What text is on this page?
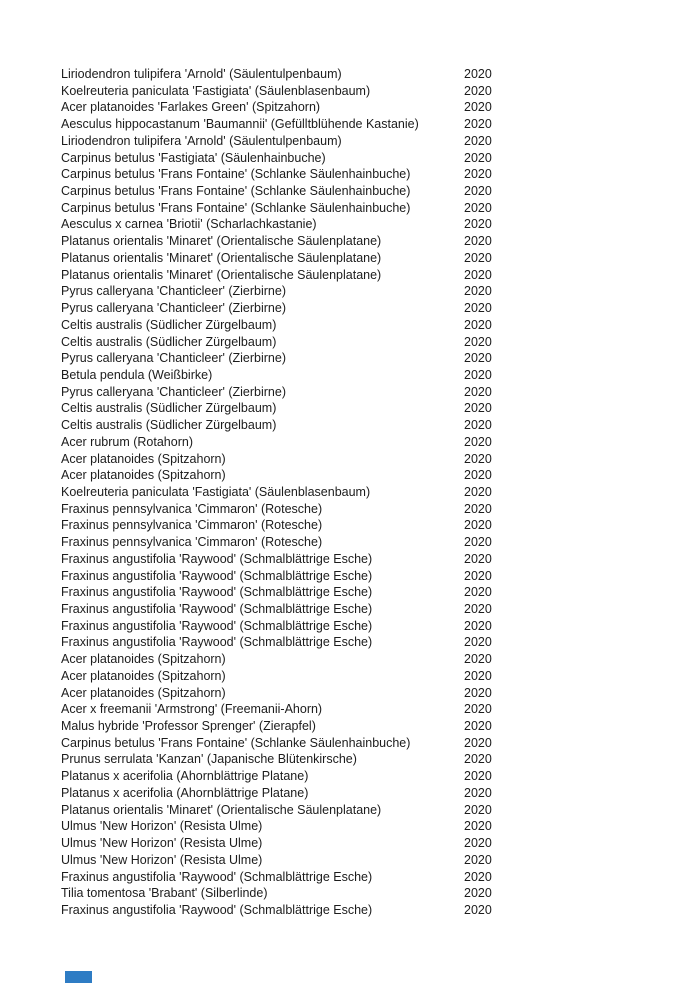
Liriodendron tulipifera 'Arnold' (Säulentulpenbaum)	2020
Koelreuteria paniculata 'Fastigiata' (Säulenblasenbaum)	2020
Acer platanoides 'Farlakes Green' (Spitzahorn)	2020
Aesculus hippocastanum 'Baumannii' (Gefülltblühende Kastanie)	2020
Liriodendron tulipifera 'Arnold' (Säulentulpenbaum)	2020
Carpinus betulus 'Fastigiata' (Säulenhainbuche)	2020
Carpinus betulus 'Frans Fontaine' (Schlanke Säulenhainbuche)	2020
Carpinus betulus 'Frans Fontaine' (Schlanke Säulenhainbuche)	2020
Carpinus betulus 'Frans Fontaine' (Schlanke Säulenhainbuche)	2020
Aesculus x carnea 'Briotii' (Scharlachkastanie)	2020
Platanus orientalis 'Minaret' (Orientalische Säulenplatane)	2020
Platanus orientalis 'Minaret' (Orientalische Säulenplatane)	2020
Platanus orientalis 'Minaret' (Orientalische Säulenplatane)	2020
Pyrus calleryana 'Chanticleer' (Zierbirne)	2020
Pyrus calleryana 'Chanticleer' (Zierbirne)	2020
Celtis australis (Südlicher Zürgelbaum)	2020
Celtis australis (Südlicher Zürgelbaum)	2020
Pyrus calleryana 'Chanticleer' (Zierbirne)	2020
Betula pendula (Weißbirke)	2020
Pyrus calleryana 'Chanticleer' (Zierbirne)	2020
Celtis australis (Südlicher Zürgelbaum)	2020
Celtis australis (Südlicher Zürgelbaum)	2020
Acer rubrum (Rotahorn)	2020
Acer platanoides (Spitzahorn)	2020
Acer platanoides (Spitzahorn)	2020
Koelreuteria paniculata 'Fastigiata' (Säulenblasenbaum)	2020
Fraxinus pennsylvanica 'Cimmaron' (Rotesche)	2020
Fraxinus pennsylvanica 'Cimmaron' (Rotesche)	2020
Fraxinus pennsylvanica 'Cimmaron' (Rotesche)	2020
Fraxinus angustifolia 'Raywood' (Schmalblättrige Esche)	2020
Fraxinus angustifolia 'Raywood' (Schmalblättrige Esche)	2020
Fraxinus angustifolia 'Raywood' (Schmalblättrige Esche)	2020
Fraxinus angustifolia 'Raywood' (Schmalblättrige Esche)	2020
Fraxinus angustifolia 'Raywood' (Schmalblättrige Esche)	2020
Fraxinus angustifolia 'Raywood' (Schmalblättrige Esche)	2020
Acer platanoides (Spitzahorn)	2020
Acer platanoides (Spitzahorn)	2020
Acer platanoides (Spitzahorn)	2020
Acer x freemanii 'Armstrong' (Freemanii-Ahorn)	2020
Malus hybride 'Professor Sprenger' (Zierapfel)	2020
Carpinus betulus 'Frans Fontaine' (Schlanke Säulenhainbuche)	2020
Prunus serrulata 'Kanzan' (Japanische Blütenkirsche)	2020
Platanus x acerifolia (Ahornblättrige Platane)	2020
Platanus x acerifolia (Ahornblättrige Platane)	2020
Platanus orientalis 'Minaret' (Orientalische Säulenplatane)	2020
Ulmus 'New Horizon' (Resista Ulme)	2020
Ulmus 'New Horizon' (Resista Ulme)	2020
Ulmus 'New Horizon' (Resista Ulme)	2020
Fraxinus angustifolia 'Raywood' (Schmalblättrige Esche)	2020
Tilia tomentosa 'Brabant' (Silberlinde)	2020
Fraxinus angustifolia 'Raywood' (Schmalblättrige Esche)	2020
